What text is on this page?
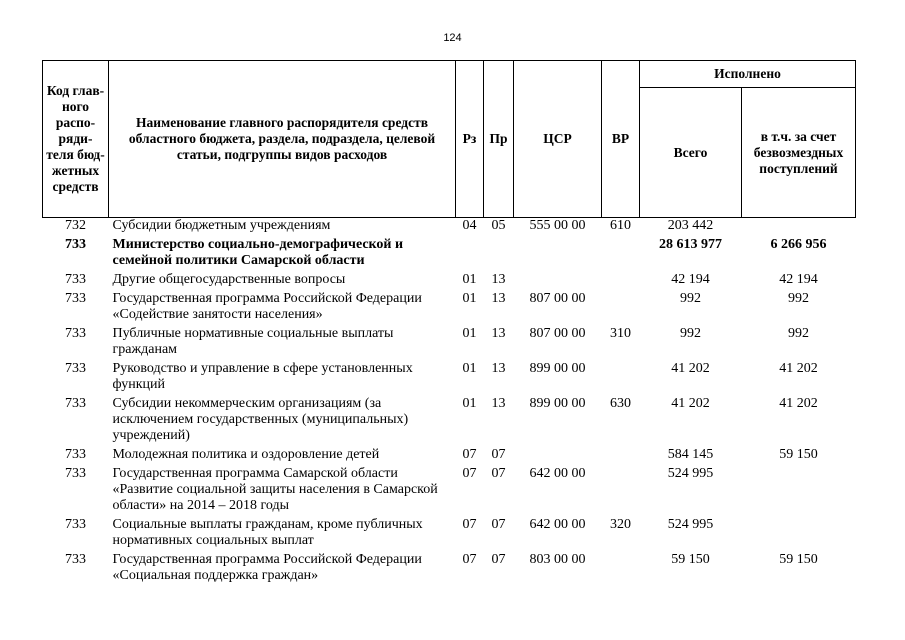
124
Код глав-ного распо-ряди-теля бюд-жетных средств	Наименование главного распорядителя средств областного бюджета, раздела, подраздела, целевой статьи, подгруппы видов расходов	Рз	Пр	ЦСР	ВР	Исполнено	
						Всего	в т.ч. за счет безвозмездных поступлений
732	Субсидии бюджетным учреждениям	04	05	555 00 00	610	203 442	
733	Министерство социально-демографической и семейной политики Самарской области					28 613 977	6 266 956
733	Другие общегосударственные вопросы	01	13			42 194	42 194
733	Государственная программа Российской Федерации «Содействие занятости населения»	01	13	807 00 00		992	992
733	Публичные нормативные социальные выплаты гражданам	01	13	807 00 00	310	992	992
733	Руководство и управление в сфере установленных функций	01	13	899 00 00		41 202	41 202
733	Субсидии некоммерческим организациям (за исключением государственных (муниципальных) учреждений)	01	13	899 00 00	630	41 202	41 202
733	Молодежная политика и оздоровление детей	07	07			584 145	59 150
733	Государственная программа Самарской области «Развитие социальной защиты населения в Самарской области» на 2014 – 2018 годы	07	07	642 00 00		524 995	
733	Социальные выплаты гражданам, кроме публичных нормативных социальных выплат	07	07	642 00 00	320	524 995	
733	Государственная программа Российской Федерации «Социальная поддержка граждан»	07	07	803 00 00		59 150	59 150
